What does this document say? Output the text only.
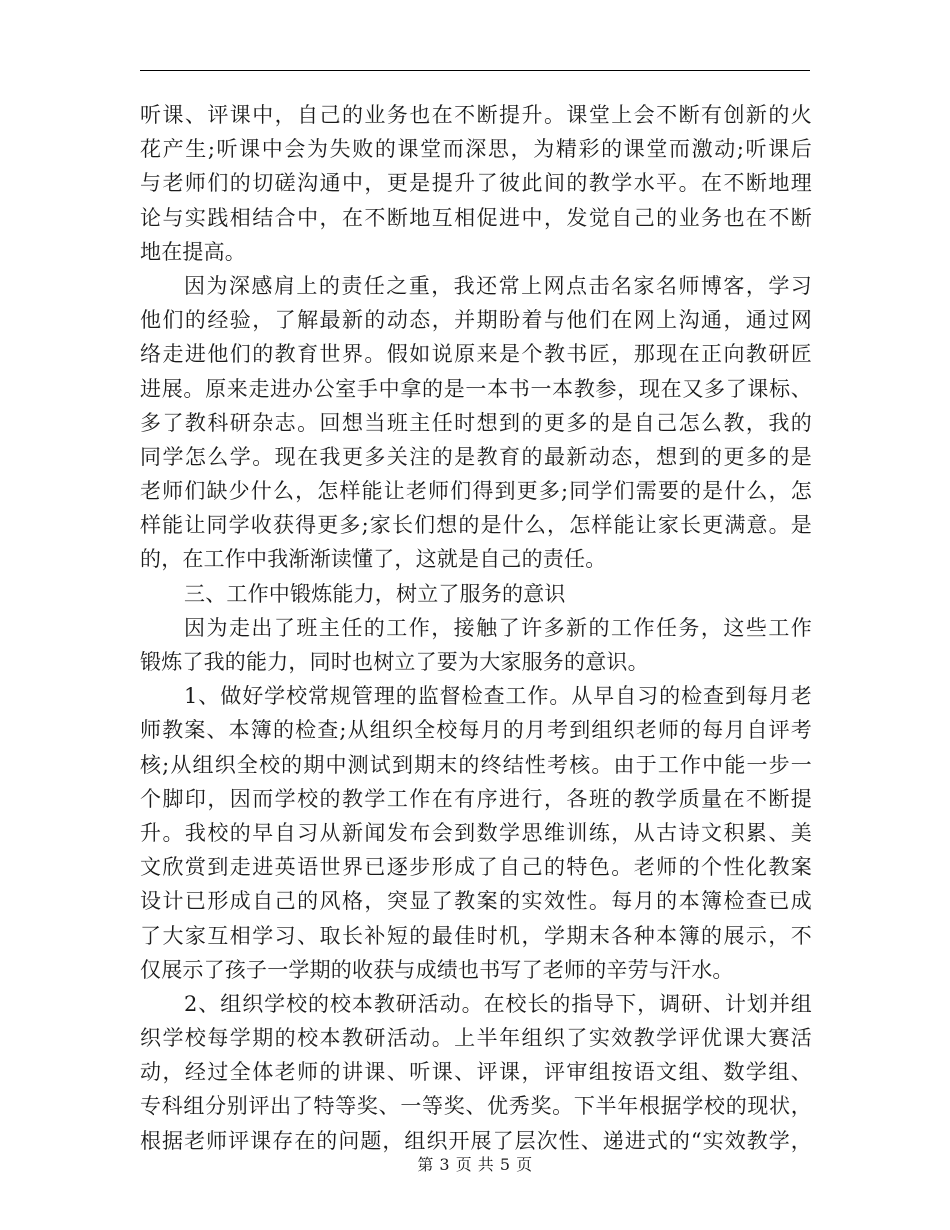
听课、评课中，自己的业务也在不断提升。课堂上会不断有创新的火
花产生;听课中会为失败的课堂而深思，为精彩的课堂而激动;听课后
与老师们的切磋沟通中，更是提升了彼此间的教学水平。在不断地理
论与实践相结合中，在不断地互相促进中，发觉自己的业务也在不断
地在提高。
因为深感肩上的责任之重，我还常上网点击名家名师博客，学习
他们的经验，了解最新的动态，并期盼着与他们在网上沟通，通过网
络走进他们的教育世界。假如说原来是个教书匠，那现在正向教研匠
进展。原来走进办公室手中拿的是一本书一本教参，现在又多了课标、
多了教科研杂志。回想当班主任时想到的更多的是自己怎么教，我的
同学怎么学。现在我更多关注的是教育的最新动态，想到的更多的是
老师们缺少什么，怎样能让老师们得到更多;同学们需要的是什么，怎
样能让同学收获得更多;家长们想的是什么，怎样能让家长更满意。是
的，在工作中我渐渐读懂了，这就是自己的责任。
三、工作中锻炼能力，树立了服务的意识
因为走出了班主任的工作，接触了许多新的工作任务，这些工作
锻炼了我的能力，同时也树立了要为大家服务的意识。
1、做好学校常规管理的监督检查工作。从早自习的检查到每月老
师教案、本簿的检查;从组织全校每月的月考到组织老师的每月自评考
核;从组织全校的期中测试到期末的终结性考核。由于工作中能一步一
个脚印，因而学校的教学工作在有序进行，各班的教学质量在不断提
升。我校的早自习从新闻发布会到数学思维训练，从古诗文积累、美
文欣赏到走进英语世界已逐步形成了自己的特色。老师的个性化教案
设计已形成自己的风格，突显了教案的实效性。每月的本簿检查已成
了大家互相学习、取长补短的最佳时机，学期末各种本簿的展示，不
仅展示了孩子一学期的收获与成绩也书写了老师的辛劳与汗水。
2、组织学校的校本教研活动。在校长的指导下，调研、计划并组
织学校每学期的校本教研活动。上半年组织了实效教学评优课大赛活
动，经过全体老师的讲课、听课、评课，评审组按语文组、数学组、
专科组分别评出了特等奖、一等奖、优秀奖。下半年根据学校的现状，
根据老师评课存在的问题，组织开展了层次性、递进式的“实效教学，
第 3 页 共 5 页
